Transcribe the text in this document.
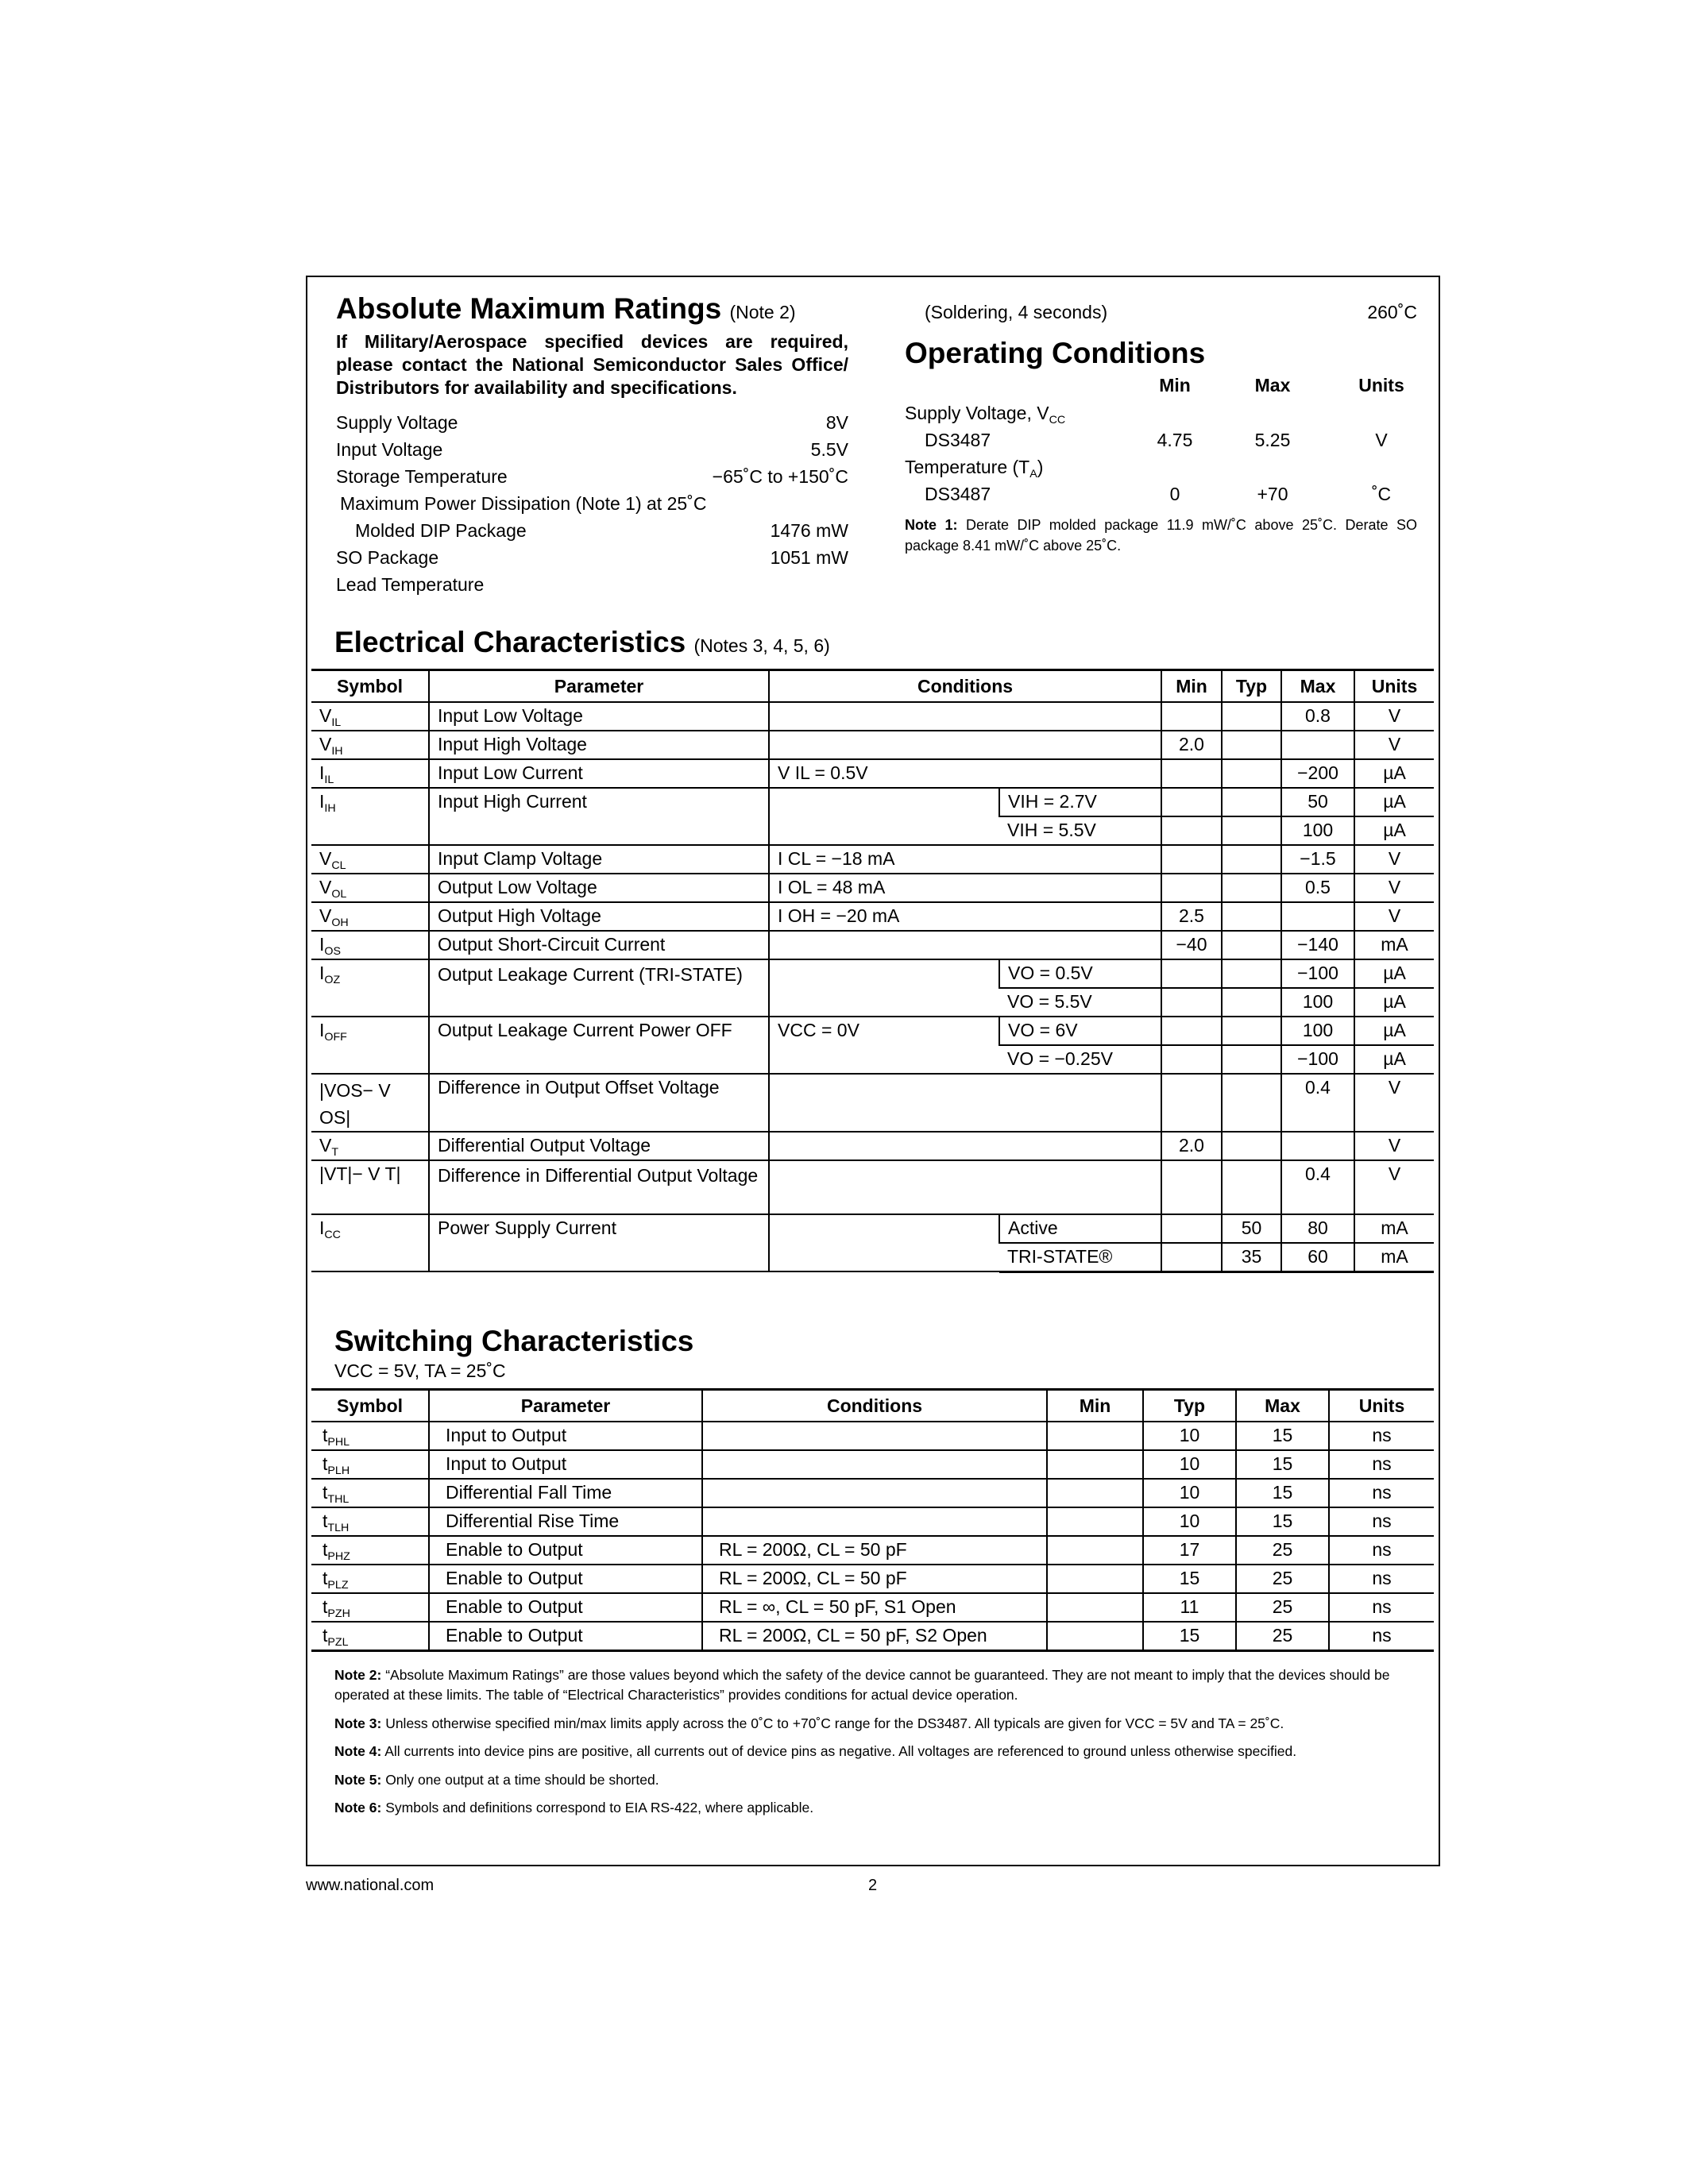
Absolute Maximum Ratings (Note 2)
If Military/Aerospace specified devices are required, please contact the National Semiconductor Sales Office/ Distributors for availability and specifications.
Supply Voltage	8V
Input Voltage	5.5V
Storage Temperature	−65˚C to +150˚C
Maximum Power Dissipation (Note 1) at 25˚C
Molded DIP Package	1476 mW
SO Package	1051 mW
Lead Temperature
(Soldering, 4 seconds)	260˚C
Operating Conditions
Min	Max	Units
Supply Voltage, $V_{CC}$
DS3487	4.75	5.25	V
Temperature $(T_A)$
DS3487	0	+70	˚C
Note 1: Derate DIP molded package 11.9 mW/˚C above 25˚C. Derate SO package 8.41 mW/˚C above 25˚C.
Electrical Characteristics (Notes 3, 4, 5, 6)
Symbol	Parameter	Conditions		Min	Typ	Max	Units
$V_{IL}$	Input Low Voltage					0.8	V
$V_{IH}$	Input High Voltage			2.0			V
$I_{IL}$	Input Low Current	V IL = 0.5V				−200	µA
$I_{IH}$	Input High Current		VIH = 2.7V			50	µA
			VIH = 5.5V			100	µA
$V_{CL}$	Input Clamp Voltage	I CL = −18 mA				−1.5	V
$V_{OL}$	Output Low Voltage	I OL = 48 mA				0.5	V
$V_{OH}$	Output High Voltage	I OH = −20 mA		2.5			V
$I_{OS}$	Output Short-Circuit Current			−40		−140	mA
$I_{OZ}$	Output Leakage Current (TRI-STATE)		VO = 0.5V			−100	µA
			VO = 5.5V			100	µA
$I_{OFF}$	Output Leakage Current Power OFF	VCC = 0V	VO = 6V			100	µA
			VO = −0.25V			−100	µA
|VOS− V OS|	Difference in Output Offset Voltage					0.4	V
$V_T$	Differential Output Voltage			2.0			V
|VT|− V T|	Difference in Differential Output Voltage					0.4	V
$I_{CC}$	Power Supply Current		Active		50	80	mA
			TRI-STATE®		35	60	mA
Switching Characteristics
VCC = 5V, TA = 25˚C
Symbol	Parameter	Conditions	Min	Typ	Max	Units
$t_{PHL}$	Input to Output			10	15	ns
$t_{PLH}$	Input to Output			10	15	ns
$t_{THL}$	Differential Fall Time			10	15	ns
$t_{TLH}$	Differential Rise Time			10	15	ns
$t_{PHZ}$	Enable to Output	RL = 200Ω, CL = 50 pF		17	25	ns
$t_{PLZ}$	Enable to Output	RL = 200Ω, CL = 50 pF		15	25	ns
$t_{PZH}$	Enable to Output	RL = ∞, CL = 50 pF, S1 Open		11	25	ns
$t_{PZL}$	Enable to Output	RL = 200Ω, CL = 50 pF, S2 Open		15	25	ns

Note 2: “Absolute Maximum Ratings” are those values beyond which the safety of the device cannot be guaranteed. They are not meant to imply that the devices should be operated at these limits. The table of “Electrical Characteristics” provides conditions for actual device operation.

Note 3: Unless otherwise specified min/max limits apply across the 0˚C to +70˚C range for the DS3487. All typicals are given for VCC = 5V and TA = 25˚C.

Note 4: All currents into device pins are positive, all currents out of device pins as negative. All voltages are referenced to ground unless otherwise specified.

Note 5: Only one output at a time should be shorted.

Note 6: Symbols and definitions correspond to EIA RS-422, where applicable.

www.national.com	2
